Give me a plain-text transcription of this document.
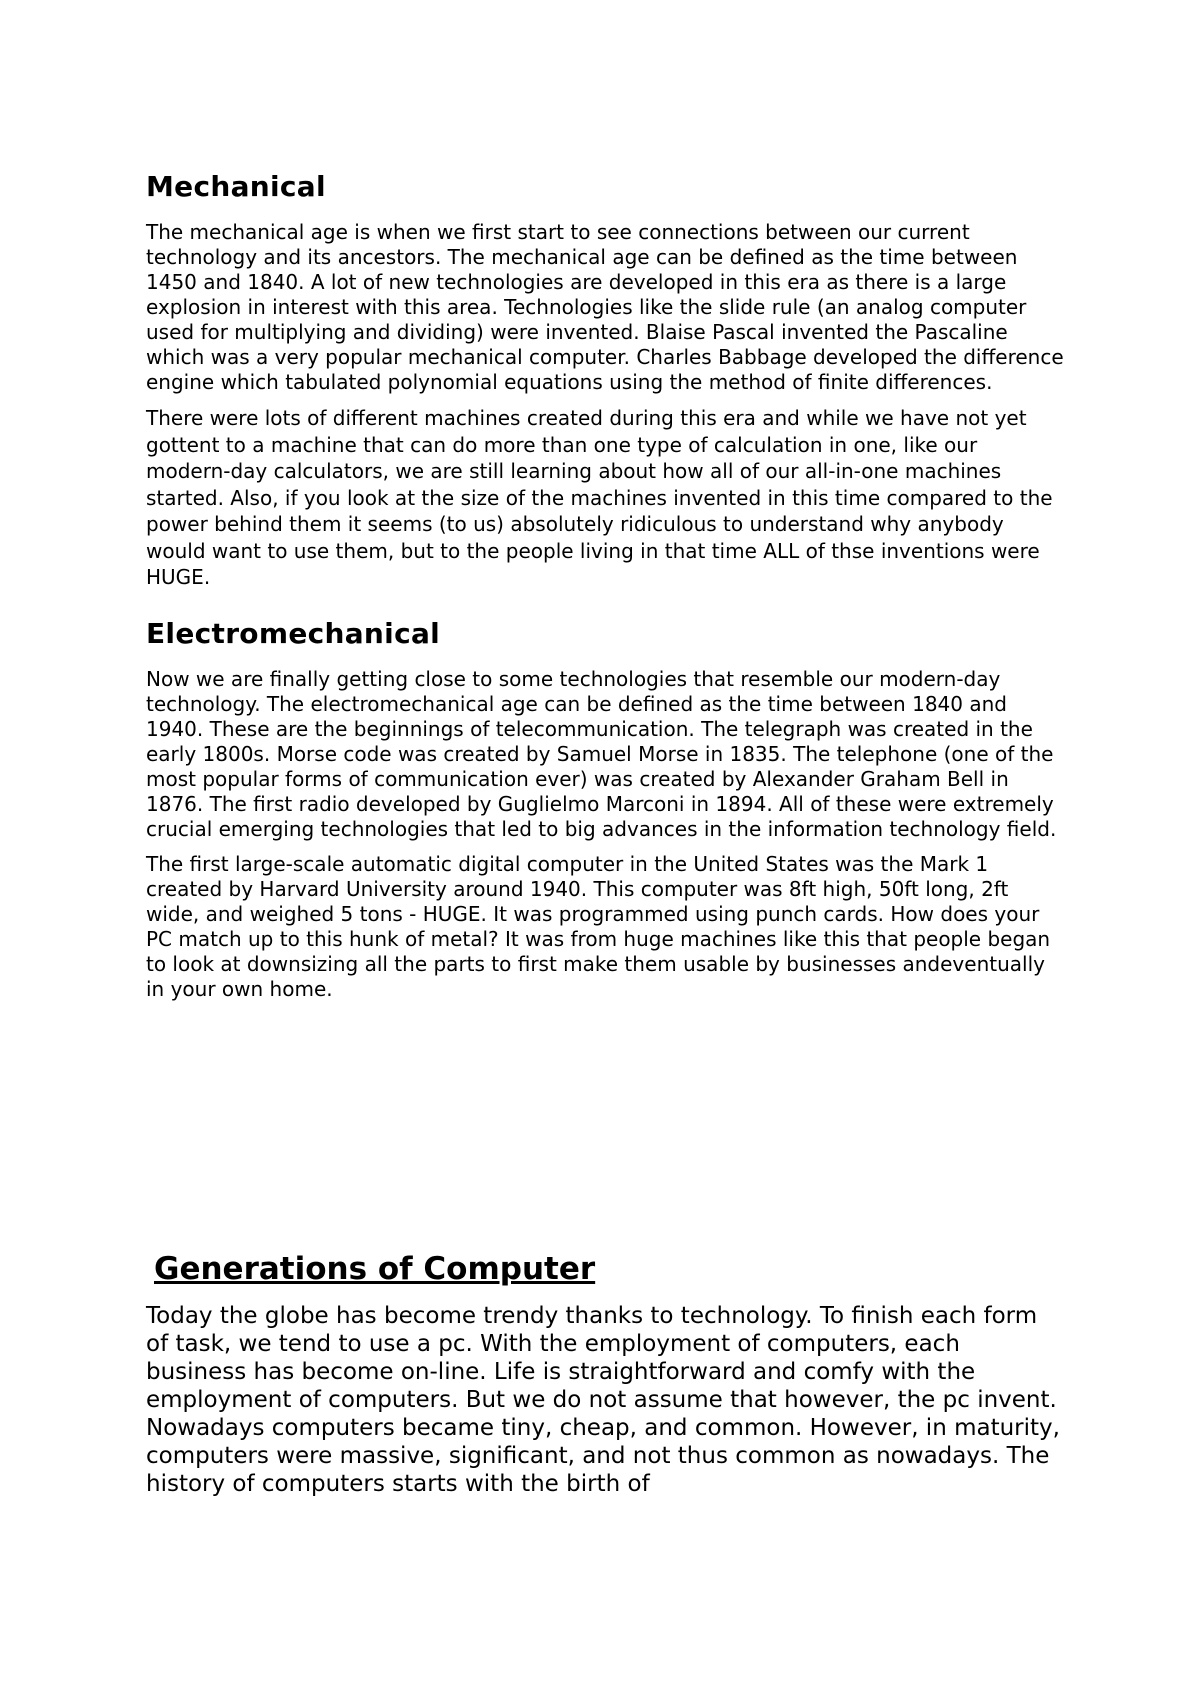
Mechanical

The mechanical age is when we first start to see connections between our current technology and its ancestors. The mechanical age can be defined as the time between 1450 and 1840. A lot of new technologies are developed in this era as there is a large explosion in interest with this area. Technologies like the slide rule (an analog computer used for multiplying and dividing) were invented. Blaise Pascal invented the Pascaline which was a very popular mechanical computer. Charles Babbage developed the difference engine which tabulated polynomial equations using the method of finite differences.

There were lots of different machines created during this era and while we have not yet gottent to a machine that can do more than one type of calculation in one, like our modern-day calculators, we are still learning about how all of our all-in-one machines started. Also, if you look at the size of the machines invented in this time compared to the power behind them it seems (to us) absolutely ridiculous to understand why anybody would want to use them, but to the people living in that time ALL of thse inventions were HUGE.

Electromechanical

Now we are finally getting close to some technologies that resemble our modern-day technology. The electromechanical age can be defined as the time between 1840 and 1940. These are the beginnings of telecommunication. The telegraph was created in the early 1800s. Morse code was created by Samuel Morse in 1835. The telephone (one of the most popular forms of communication ever) was created by Alexander Graham Bell in 1876. The first radio developed by Guglielmo Marconi in 1894. All of these were extremely crucial emerging technologies that led to big advances in the information technology field.

The first large-scale automatic digital computer in the United States was the Mark 1 created by Harvard University around 1940. This computer was 8ft high, 50ft long, 2ft wide, and weighed 5 tons - HUGE. It was programmed using punch cards. How does your PC match up to this hunk of metal? It was from huge machines like this that people began to look at downsizing all the parts to first make them usable by businesses andeventually in your own home.

Generations of Computer

Today the globe has become trendy thanks to technology. To finish each form of task, we tend to use a pc. With the employment of computers, each business has become on-line. Life is straightforward and comfy with the employment of computers. But we do not assume that however, the pc invent. Nowadays computers became tiny, cheap, and common. However, in maturity, computers were massive, significant, and not thus common as nowadays. The history of computers starts with the birth of
